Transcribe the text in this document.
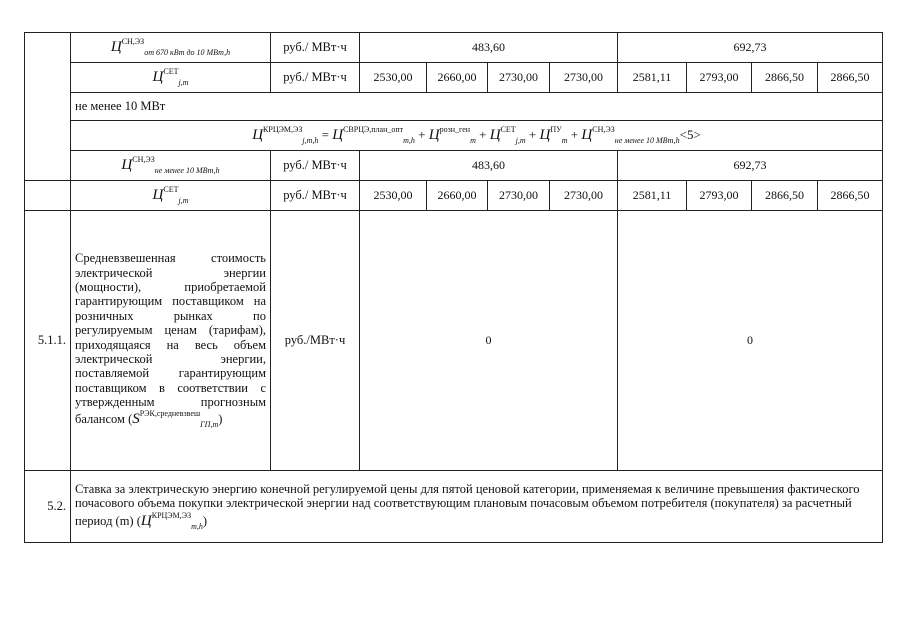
	$Ц^{СН,ЭЗ}_{от 670 кВт до 10 МВт,h}$	руб./ МВт·ч	483,60				692,73			
	$Ц^{СЕТ}_{j,m}$	руб./ МВт·ч	2530,00	2660,00	2730,00	2730,00	2581,11	2793,00	2866,50	2866,50
	не менее 10 МВт									
	$Ц^{КРЦЭМ,ЭЗ}_{j,m,h} = Ц^{СВРЦЭ,план\_опт}_{m,h} + Ц^{розн\_ген}_m + Ц^{СЕТ}_{j,m} + Ц^{ПУ}_m + Ц^{СН,ЭЗ}_{не менее 10 МВт,h}<5>$									
	$Ц^{СН,ЭЗ}_{не менее 10 МВт,h}$	руб./ МВт·ч	483,60				692,73			
	$Ц^{СЕТ}_{j,m}$	руб./ МВт·ч	2530,00	2660,00	2730,00	2730,00	2581,11	2793,00	2866,50	2866,50
5.1.1.	Средневзвешенная стоимость электрической энергии (мощности), приобретаемой гарантирующим поставщиком на розничных рынках по регулируемым ценам (тарифам), приходящаяся на весь объем электрической энергии, поставляемой гарантирующим поставщиком в соответствии с утвержденным прогнозным балансом $(S^{РЭК,средневзвеш}_{ГП,m})$	руб./МВт·ч	0				0			
5.2.	Ставка за электрическую энергию конечной регулируемой цены для пятой ценовой категории, применяемая к величине превышения фактического почасового объема покупки электрической энергии над соответствующим плановым почасовым объемом потребителя (покупателя) за расчетный период (m) $(Ц^{КРЦЭМ,ЭЗ}_{m,h})$									
